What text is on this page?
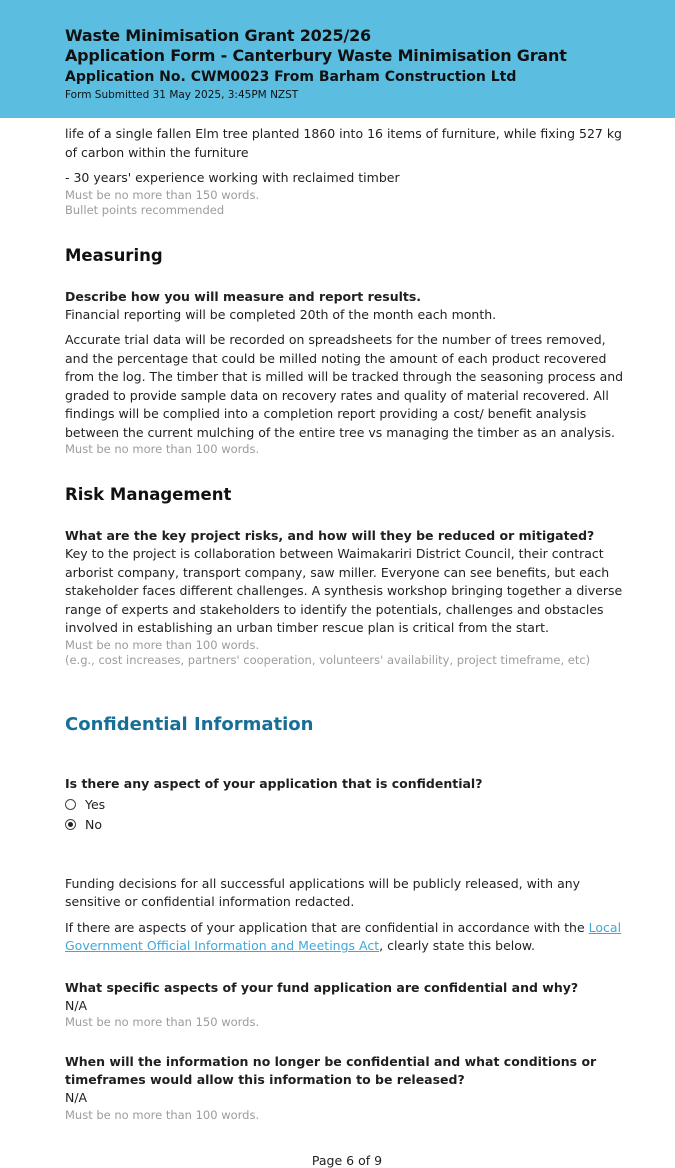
Waste Minimisation Grant 2025/26
Application Form - Canterbury Waste Minimisation Grant
Application No. CWM0023 From Barham Construction Ltd
Form Submitted 31 May 2025, 3:45PM NZST

life of a single fallen Elm tree planted 1860 into 16 items of furniture, while fixing 527 kg of carbon within the furniture

- 30 years' experience working with reclaimed timber

Must be no more than 150 words.
Bullet points recommended
Measuring
Describe how you will measure and report results.

Financial reporting will be completed 20th of the month each month.

Accurate trial data will be recorded on spreadsheets for the number of trees removed, and the percentage that could be milled noting the amount of each product recovered from the log. The timber that is milled will be tracked through the seasoning process and graded to provide sample data on recovery rates and quality of material recovered. All findings will be complied into a completion report providing a cost/ benefit analysis between the current mulching of the entire tree vs managing the timber as an analysis.

Must be no more than 100 words.
Risk Management
What are the key project risks, and how will they be reduced or mitigated?

Key to the project is collaboration between Waimakariri District Council, their contract arborist company, transport company, saw miller. Everyone can see benefits, but each stakeholder faces different challenges. A synthesis workshop bringing together a diverse range of experts and stakeholders to identify the potentials, challenges and obstacles involved in establishing an urban timber rescue plan is critical from the start.

Must be no more than 100 words.
(e.g., cost increases, partners' cooperation, volunteers' availability, project timeframe, etc)
Confidential Information
Is there any aspect of your application that is confidential?
Yes
No

Funding decisions for all successful applications will be publicly released, with any sensitive or confidential information redacted.

If there are aspects of your application that are confidential in accordance with the Local Government Official Information and Meetings Act, clearly state this below.

What specific aspects of your fund application are confidential and why?

N/A

Must be no more than 150 words.
When will the information no longer be confidential and what conditions or timeframes would allow this information to be released?

N/A

Must be no more than 100 words.
Page 6 of 9
